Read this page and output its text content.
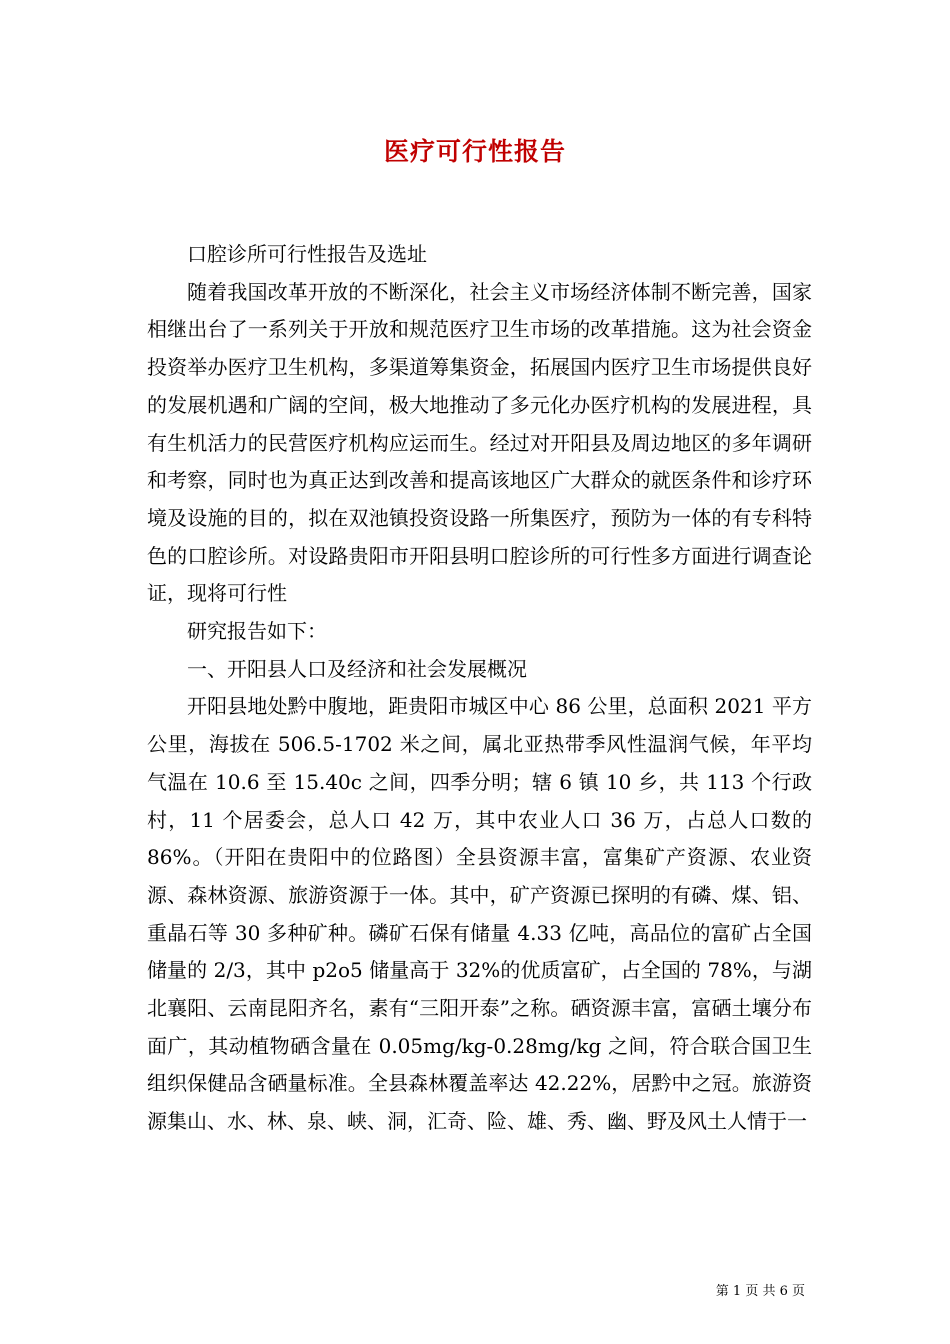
医疗可行性报告

口腔诊所可行性报告及选址

随着我国改革开放的不断深化，社会主义市场经济体制不断完善，国家相继出台了一系列关于开放和规范医疗卫生市场的改革措施。这为社会资金投资举办医疗卫生机构，多渠道筹集资金，拓展国内医疗卫生市场提供良好的发展机遇和广阔的空间，极大地推动了多元化办医疗机构的发展进程，具有生机活力的民营医疗机构应运而生。经过对开阳县及周边地区的多年调研和考察，同时也为真正达到改善和提高该地区广大群众的就医条件和诊疗环境及设施的目的，拟在双池镇投资设路一所集医疗，预防为一体的有专科特色的口腔诊所。对设路贵阳市开阳县明口腔诊所的可行性多方面进行调查论证，现将可行性

研究报告如下：

一、开阳县人口及经济和社会发展概况

开阳县地处黔中腹地，距贵阳市城区中心 86 公里，总面积 2021 平方公里，海拔在 506.5-1702 米之间，属北亚热带季风性温润气候，年平均气温在 10.6 至 15.40c 之间，四季分明；辖 6 镇 10 乡，共 113 个行政村，11 个居委会，总人口 42 万，其中农业人口 36 万，占总人口数的 86%。（开阳在贵阳中的位路图）全县资源丰富，富集矿产资源、农业资源、森林资源、旅游资源于一体。其中，矿产资源已探明的有磷、煤、铝、重晶石等 30 多种矿种。磷矿石保有储量 4.33 亿吨，高品位的富矿占全国储量的 2/3，其中 p2o5 储量高于 32%的优质富矿，占全国的 78%，与湖北襄阳、云南昆阳齐名，素有“三阳开泰”之称。硒资源丰富，富硒土壤分布面广，其动植物硒含量在 0.05mg/kg-0.28mg/kg 之间，符合联合国卫生组织保健品含硒量标准。全县森林覆盖率达 42.22%，居黔中之冠。旅游资源集山、水、林、泉、峡、洞，汇奇、险、雄、秀、幽、野及风土人情于一

第 1 页 共 6 页
